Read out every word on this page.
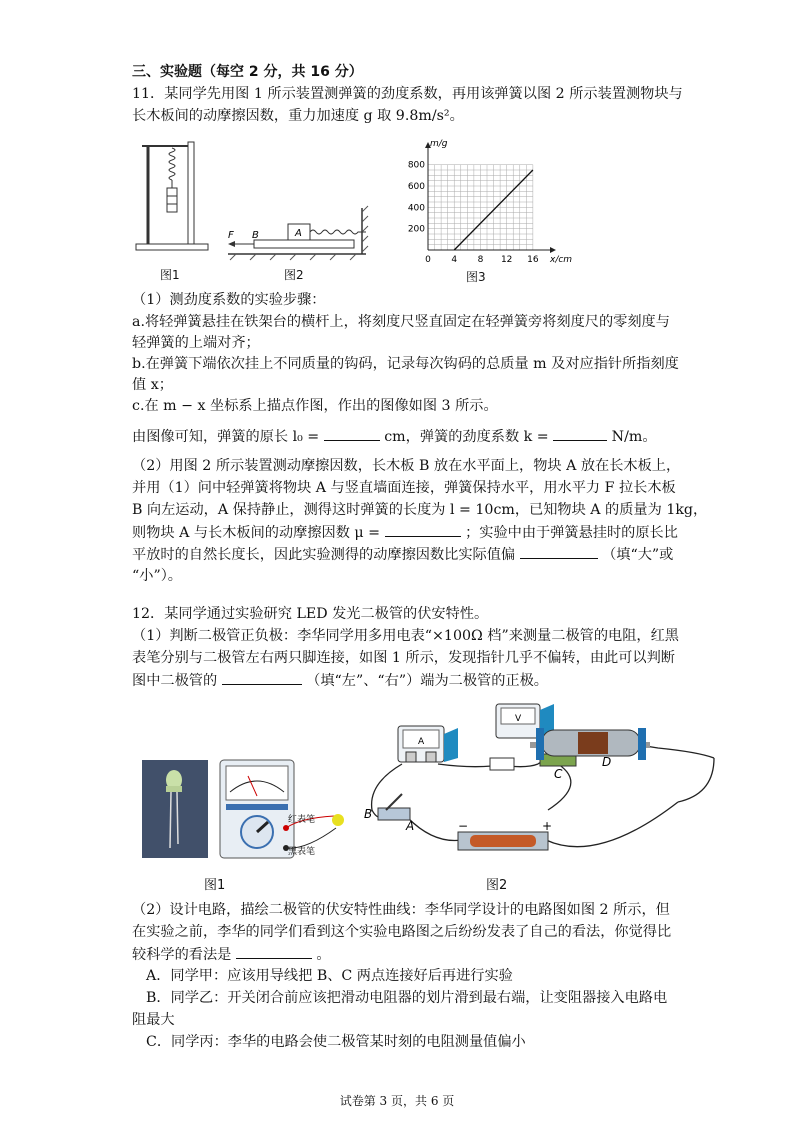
三、实验题（每空 2 分，共 16 分）
11．某同学先用图 1 所示装置测弹簧的劲度系数，再用该弹簧以图 2 所示装置测物块与
长木板间的动摩擦因数，重力加速度 g 取 9.8m/s²。
图1
F B	A
图2
0 4 8 12 16
200
400
600
800
x/cm
m/g
图3
（1）测劲度系数的实验步骤：
a.将轻弹簧悬挂在铁架台的横杆上，将刻度尺竖直固定在轻弹簧旁将刻度尺的零刻度与
轻弹簧的上端对齐；
b.在弹簧下端依次挂上不同质量的钩码，记录每次钩码的总质量 m 及对应指针所指刻度
值 x；
c.在 m − x 坐标系上描点作图，作出的图像如图 3 所示。
由图像可知，弹簧的原长 l₀ =	cm，弹簧的劲度系数 k =	N/m。
（2）用图 2 所示装置测动摩擦因数，长木板 B 放在水平面上，物块 A 放在长木板上，
并用（1）问中轻弹簧将物块 A 与竖直墙面连接，弹簧保持水平，用水平力 F 拉长木板
B 向左运动，A 保持静止，测得这时弹簧的长度为 l = 10cm，已知物块 A 的质量为 1kg，
则物块 A 与长木板间的动摩擦因数 μ =	；实验中由于弹簧悬挂时的原长比
平放时的自然长度长，因此实验测得的动摩擦因数比实际值偏	（填“大”或
“小”）。
12．某同学通过实验研究 LED 发光二极管的伏安特性。
（1）判断二极管正负极：李华同学用多用电表“×100Ω 档”来测量二极管的电阻，红黑
表笔分别与二极管左右两只脚连接，如图 1 所示，发现指针几乎不偏转，由此可以判断
图中二极管的	（填“左”、“右”）端为二极管的正极。
红表笔
黑表笔
图1
A
V
B
A
C
D
−	+
图2
（2）设计电路，描绘二极管的伏安特性曲线：李华同学设计的电路图如图 2 所示，但
在实验之前，李华的同学们看到这个实验电路图之后纷纷发表了自己的看法，你觉得比
较科学的看法是	。
A．同学甲：应该用导线把 B、C 两点连接好后再进行实验
B．同学乙：开关闭合前应该把滑动电阻器的划片滑到最右端，让变阻器接入电路电
阻最大
C．同学丙：李华的电路会使二极管某时刻的电阻测量值偏小
试卷第 3 页，共 6 页
